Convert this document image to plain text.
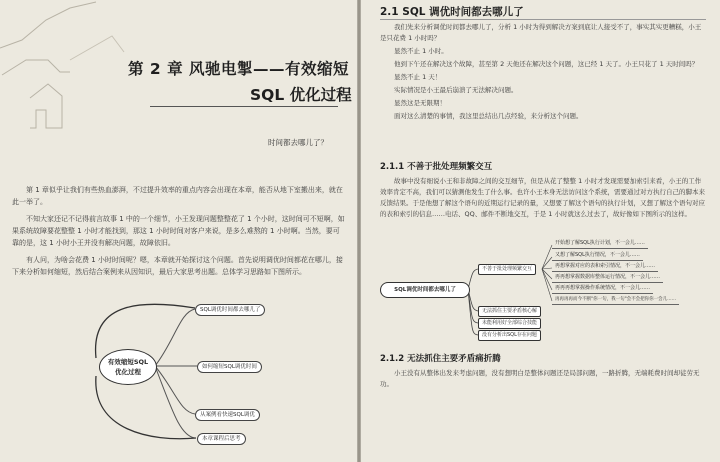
第 2 章 风驰电掣——有效缩短
SQL 优化过程
时间都去哪儿了？

第 1 章似乎让我们有些热血澎湃，不过提升效率的重点内容会出现在本章，能否从地下室搬出来，就在此一举了。

不知大家还记不记得前言故事 1 中的一个细节，小王发现问题整整花了 1 个小时，这时间可不短啊，如果系统故障要花整整 1 小时才能找到，那这 1 小时时间对客户来说，是多么难熬的 1 小时啊。当然，要可靠的是，这 1 小时小王并没有解决问题，故障依旧。

有人问，为啥会花费 1 小时时间呢？嗯，本章就开始探讨这个问题。首先说明调优时间都花在哪儿，接下来分析如何缩短，然后结合案例来从因知识，最后大家思考出题。总体学习思路如下图所示。

有效缩短SQL
优化过程
SQL调优时间都去哪儿了
如何缩短SQL调优时间
从案例看快速SQL调优
本章课程后思考
2.1 SQL 调优时间都去哪儿了

我们先来分析调优时间都去哪儿了，分析 1 小时为得到解决方案到底让人接受不了，事实其实更糟糕，小王是只花费 1 小时吗？

显然不止 1 小时。

他到下午还在解决这个故障，甚至第 2 天他还在解决这个问题，这已经 1 天了。小王只花了 1 天时间吗？

显然不止 1 天！

实际情况是小王最后崩溃了无法解决问题。

显然这是无限期！

面对这么清楚的事情，我这里总结出几点经验，来分析这个问题。

2.1.1 不善于批处理频繁交互

故事中没有细说小王和非故障之间的交互细节，但是从花了整整 1 小时才发现需要加索引来看，小王的工作效率肯定不高，我们可以猜测他发生了什么事。也许小王本身无法访问这个系统，需要通过对方执行自己的脚本来反馈结果。于是他想了解这个语句的近期运行记录的量，又想要了解这个语句的执行计划，又想了解这个语句对应的表和索引的信息……电话、QQ、邮件不断地交互，于是 1 小时就这么过去了，故好像如下图所示的这样。

SQL调优时间都去哪儿了
不善于批处理频繁交互
开始想了解SQL执行计划，不一会儿……
又想了解SQL执行情况，不一会儿……
再想掌握对应的表和索引情况，不一会儿……
再再想掌握数据库整体运行情况，不一会儿……
再再再想掌握操作系统情况，不一会儿……
再再再再而今不断"你一句，我一句"会不会把你你一会儿……
无法抓住主要矛盾核心解
未能利用好全部综合技能
没有分析出SQL存在问题
2.1.2 无法抓住主要矛盾痛折腾

小王没有从整体出发来考虑问题，没有想明白是整体问题还是局部问题，一路折腾，无端耗费时间却徒劳无功。
